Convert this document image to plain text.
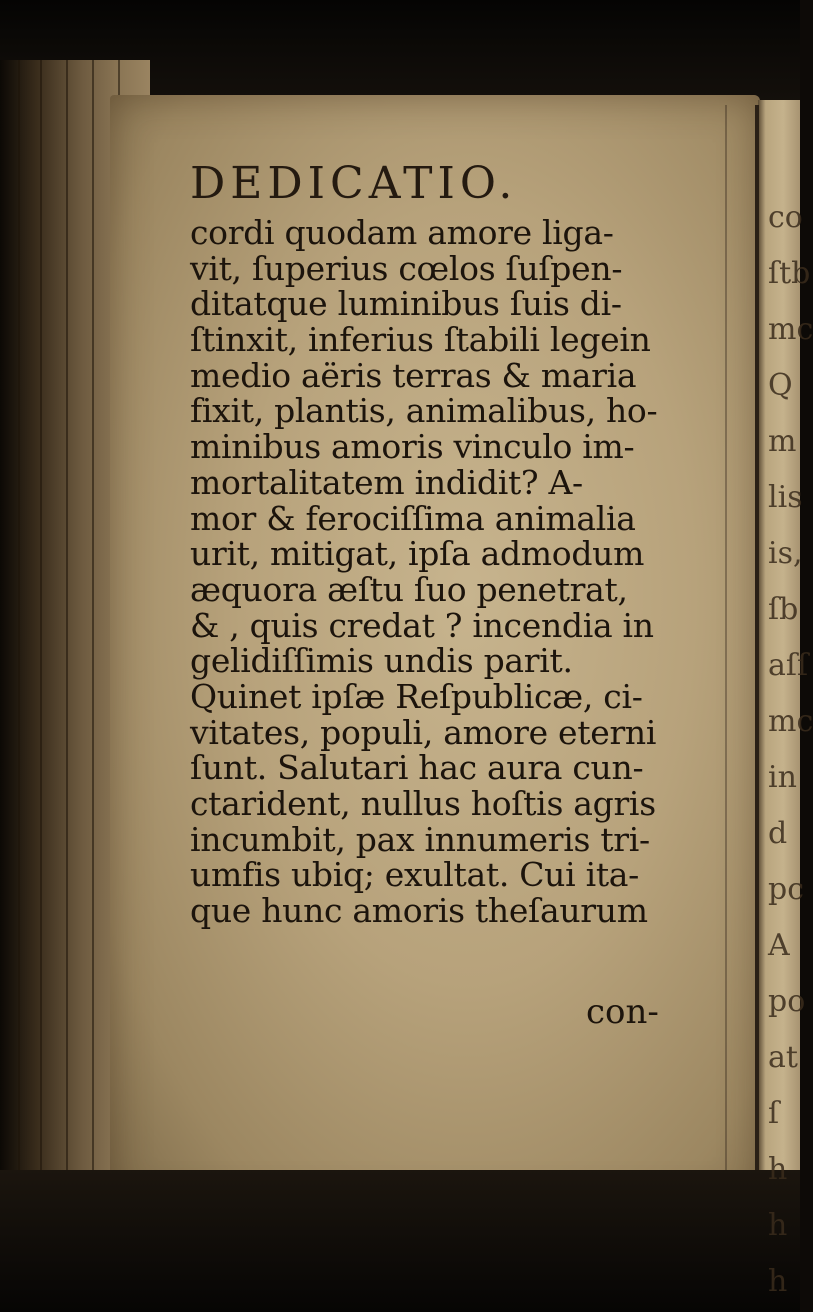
co
ſtb
mc
Q
m
lis
is,
ſb
aſſ
mc
in
d
pc
A
po
at
ſ
h
h
h
DEDICATIO.
cordi quodam amore liga-
vit, ſuperius cœlos ſuſpen-
ditatque luminibus ſuis di-
ſtinxit, inferius ſtabili legein
medio aëris terras & maria
fixit, plantis, animalibus, ho-
minibus amoris vinculo im-
mortalitatem indidit? A-
mor & ferociſſima animalia
urit, mitigat, ipſa admodum
æquora æſtu ſuo penetrat,
& , quis credat ? incendia in
gelidiſſimis undis parit.
Quinet ipſæ Reſpublicæ, ci-
vitates, populi, amore eterni
ſunt. Salutari hac aura cun-
ctarident, nullus hoſtis agris
incumbit, pax innumeris tri-
umfis ubiq; exultat. Cui ita-
que hunc amoris theſaurum
con-
